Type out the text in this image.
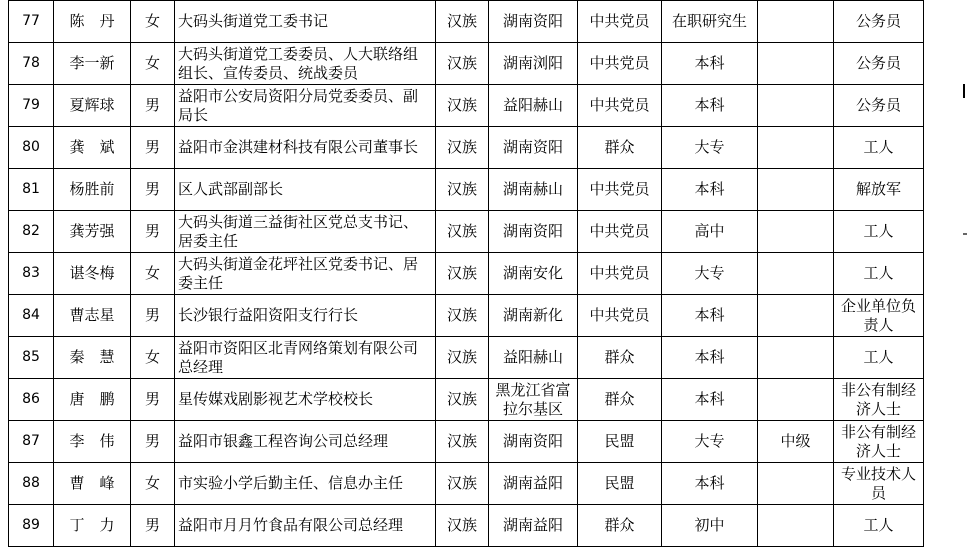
77	陈　丹	女	大码头街道党工委书记	汉族	湖南资阳	中共党员	在职研究生		公务员
78	李一新	女	大码头街道党工委委员、人大联络组组长、宣传委员、统战委员	汉族	湖南浏阳	中共党员	本科		公务员
79	夏辉球	男	益阳市公安局资阳分局党委委员、副局长	汉族	益阳赫山	中共党员	本科		公务员
80	龚　斌	男	益阳市金淇建材科技有限公司董事长	汉族	湖南资阳	群众	大专		工人
81	杨胜前	男	区人武部副部长	汉族	湖南赫山	中共党员	本科		解放军
82	龚芳强	男	大码头街道三益街社区党总支书记、居委主任	汉族	湖南资阳	中共党员	高中		工人
83	谌冬梅	女	大码头街道金花坪社区党委书记、居委主任	汉族	湖南安化	中共党员	大专		工人
84	曹志星	男	长沙银行益阳资阳支行行长	汉族	湖南新化	中共党员	本科		企业单位负责人
85	秦　慧	女	益阳市资阳区北青网络策划有限公司总经理	汉族	益阳赫山	群众	本科		工人
86	唐　鹏	男	星传媒戏剧影视艺术学校校长	汉族	黑龙江省富拉尔基区	群众	本科		非公有制经济人士
87	李　伟	男	益阳市银鑫工程咨询公司总经理	汉族	湖南资阳	民盟	大专	中级	非公有制经济人士
88	曹　峰	女	市实验小学后勤主任、信息办主任	汉族	湖南益阳	民盟	本科		专业技术人员
89	丁　力	男	益阳市月月竹食品有限公司总经理	汉族	湖南益阳	群众	初中		工人
